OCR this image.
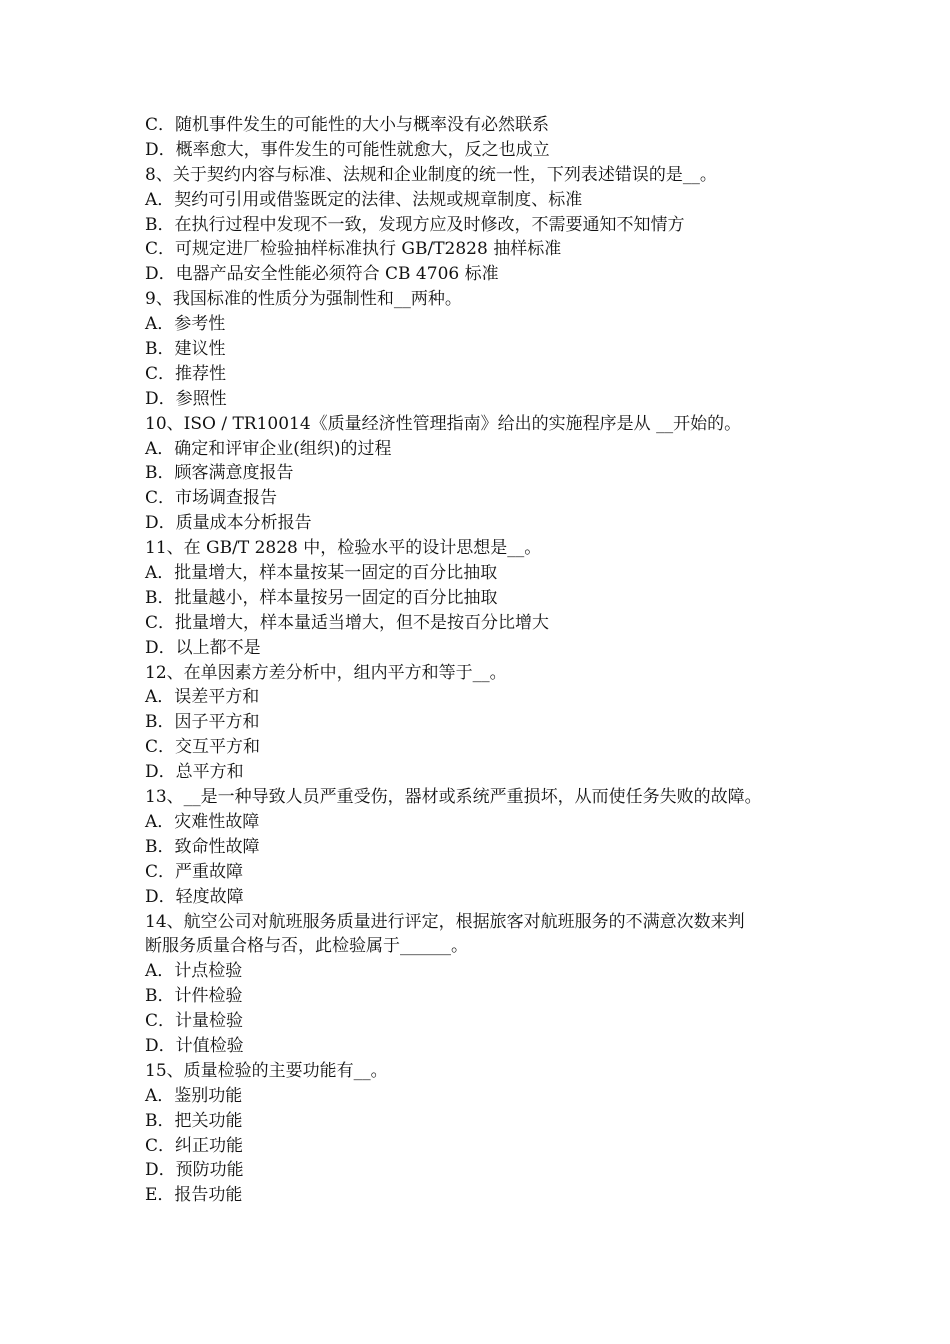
C．随机事件发生的可能性的大小与概率没有必然联系
D．概率愈大，事件发生的可能性就愈大，反之也成立
8、关于契约内容与标准、法规和企业制度的统一性，下列表述错误的是__。
A．契约可引用或借鉴既定的法律、法规或规章制度、标准
B．在执行过程中发现不一致，发现方应及时修改，不需要通知不知情方
C．可规定进厂检验抽样标准执行 GB/T2828 抽样标准
D．电器产品安全性能必须符合 CB 4706 标准
9、我国标准的性质分为强制性和__两种。
A．参考性
B．建议性
C．推荐性
D．参照性
10、ISO / TR10014《质量经济性管理指南》给出的实施程序是从 __开始的。
A．确定和评审企业(组织)的过程
B．顾客满意度报告
C．市场调查报告
D．质量成本分析报告
11、在 GB/T 2828 中，检验水平的设计思想是__。
A．批量增大，样本量按某一固定的百分比抽取
B．批量越小，样本量按另一固定的百分比抽取
C．批量增大，样本量适当增大，但不是按百分比增大
D．以上都不是
12、在单因素方差分析中，组内平方和等于__。
A．误差平方和
B．因子平方和
C．交互平方和
D．总平方和
13、__是一种导致人员严重受伤，器材或系统严重损坏，从而使任务失败的故障。
A．灾难性故障
B．致命性故障
C．严重故障
D．轻度故障
14、航空公司对航班服务质量进行评定，根据旅客对航班服务的不满意次数来判
断服务质量合格与否，此检验属于______。
A．计点检验
B．计件检验
C．计量检验
D．计值检验
15、质量检验的主要功能有__。
A．鉴别功能
B．把关功能
C．纠正功能
D．预防功能
E．报告功能
